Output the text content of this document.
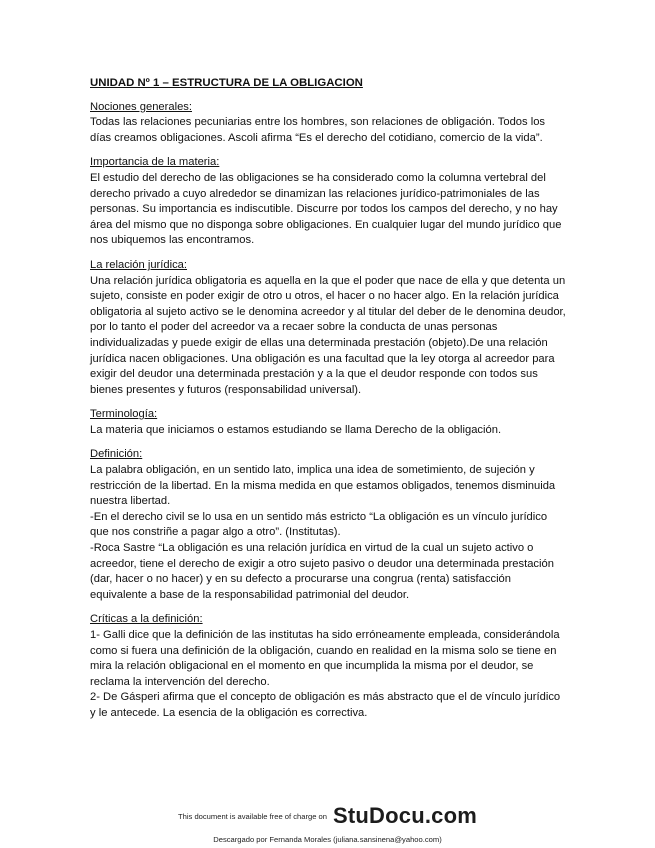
UNIDAD Nº 1 – ESTRUCTURA DE LA OBLIGACION

Nociones generales:

Todas las relaciones pecuniarias entre los hombres, son relaciones de obligación. Todos los días creamos obligaciones. Ascoli afirma “Es el derecho del cotidiano, comercio de la vida”.

Importancia de la materia:

El estudio del derecho de las obligaciones se ha considerado como la columna vertebral del derecho privado a cuyo alrededor se dinamizan las relaciones jurídico-patrimoniales de las personas. Su importancia es indiscutible. Discurre por todos los campos del derecho, y no hay área del mismo que no disponga sobre obligaciones. En cualquier lugar del mundo jurídico que nos ubiquemos las encontramos.

La relación jurídica:

Una relación jurídica obligatoria es aquella en la que el poder que nace de ella y que detenta un sujeto, consiste en poder exigir de otro u otros, el hacer o no hacer algo. En la relación jurídica obligatoria al sujeto activo se le denomina acreedor y al titular del deber de le denomina deudor, por lo tanto el poder del acreedor va a recaer sobre la conducta de unas personas individualizadas y puede exigir de ellas una determinada prestación (objeto).De una relación jurídica nacen obligaciones. Una obligación es una facultad que la ley otorga al acreedor para exigir del deudor una determinada prestación y a la que el deudor responde con todos sus bienes presentes y futuros (responsabilidad universal).

Terminología:

La materia que iniciamos o estamos estudiando se llama Derecho de la obligación.

Definición:

La palabra obligación, en un sentido lato, implica una idea de sometimiento, de sujeción y restricción de la libertad. En la misma medida en que estamos obligados, tenemos disminuida nuestra libertad.

-En el derecho civil se lo usa en un sentido más estricto “La obligación es un vínculo jurídico que nos constriñe a pagar algo a otro”. (Institutas).

-Roca Sastre “La obligación es una relación jurídica en virtud de la cual un sujeto activo o acreedor, tiene el derecho de exigir a otro sujeto pasivo o deudor una determinada prestación (dar, hacer o no hacer) y en su defecto a procurarse una congrua (renta) satisfacción equivalente a base de la responsabilidad patrimonial del deudor.

Críticas a la definición:

1- Galli dice que la definición de las institutas ha sido erróneamente empleada, considerándola como si fuera una definición de la obligación, cuando en realidad en la misma solo se tiene en mira la relación obligacional en el momento en que incumplida la misma por el deudor, se reclama la intervención del derecho.

2- De Gásperi afirma que el concepto de obligación es más abstracto que el de vínculo jurídico y le antecede. La esencia de la obligación es correctiva.

This document is available free of charge on StuDocu.com
Descargado por Fernanda Morales (juliana.sansinena@yahoo.com)
